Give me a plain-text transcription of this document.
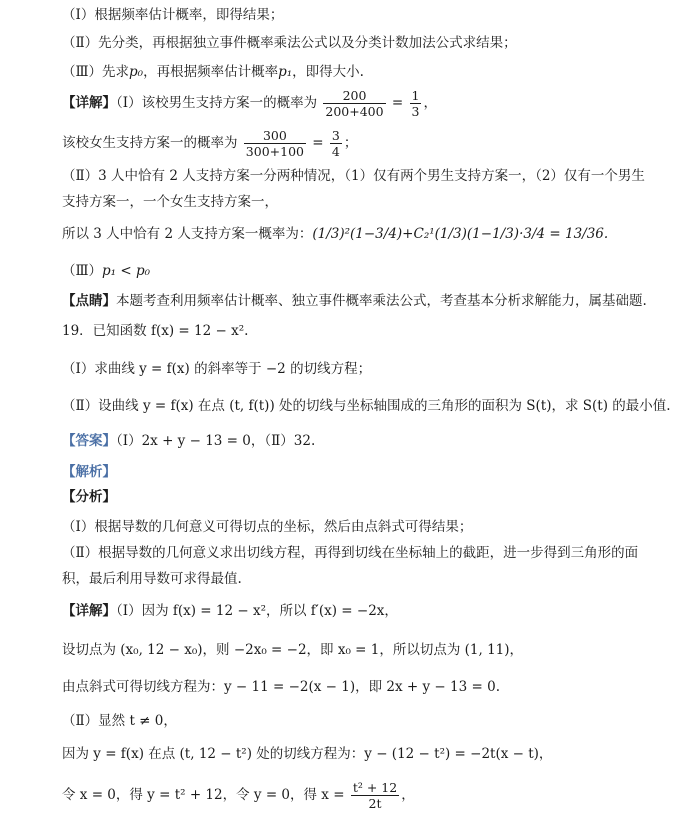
（Ⅰ）根据频率估计概率，即得结果；
（Ⅱ）先分类，再根据独立事件概率乘法公式以及分类计数加法公式求结果；
（Ⅲ）先求p₀，再根据频率估计概率p₁，即得大小.
【详解】（Ⅰ）该校男生支持方案一的概率为 $\frac{200}{200+400} = \frac{1}{3}$ ，
该校女生支持方案一的概率为 $\frac{300}{300+100} = \frac{3}{4}$ ；
（Ⅱ）3 人中恰有 2 人支持方案一分两种情况，（1）仅有两个男生支持方案一，（2）仅有一个男生支持方案一，一个女生支持方案一，
所以 3 人中恰有 2 人支持方案一概率为：(1/3)²(1−3/4)+C₂¹(1/3)(1−1/3)·3/4 = 13/36.
（Ⅲ）p₁ < p₀
【点睛】本题考查利用频率估计概率、独立事件概率乘法公式，考查基本分析求解能力，属基础题.
19．已知函数 f(x) = 12 − x².
（Ⅰ）求曲线 y = f(x) 的斜率等于 −2 的切线方程；
（Ⅱ）设曲线 y = f(x) 在点 (t, f(t)) 处的切线与坐标轴围成的三角形的面积为 S(t)，求 S(t) 的最小值.
【答案】（Ⅰ）2x + y − 13 = 0，（Ⅱ）32.
【解析】
【分析】
（Ⅰ）根据导数的几何意义可得切点的坐标，然后由点斜式可得结果；
（Ⅱ）根据导数的几何意义求出切线方程，再得到切线在坐标轴上的截距，进一步得到三角形的面积，最后利用导数可求得最值.
【详解】（Ⅰ）因为 f(x) = 12 − x²，所以 f′(x) = −2x，
设切点为 (x₀, 12 − x₀)，则 −2x₀ = −2，即 x₀ = 1，所以切点为 (1, 11)，
由点斜式可得切线方程为：y − 11 = −2(x − 1)，即 2x + y − 13 = 0.
（Ⅱ）显然 t ≠ 0，
因为 y = f(x) 在点 (t, 12 − t²) 处的切线方程为：y − (12 − t²) = −2t(x − t)，
令 x = 0，得 y = t² + 12，令 y = 0，得 $x = \frac{\text{t² + 12}}{2t}$ ，
